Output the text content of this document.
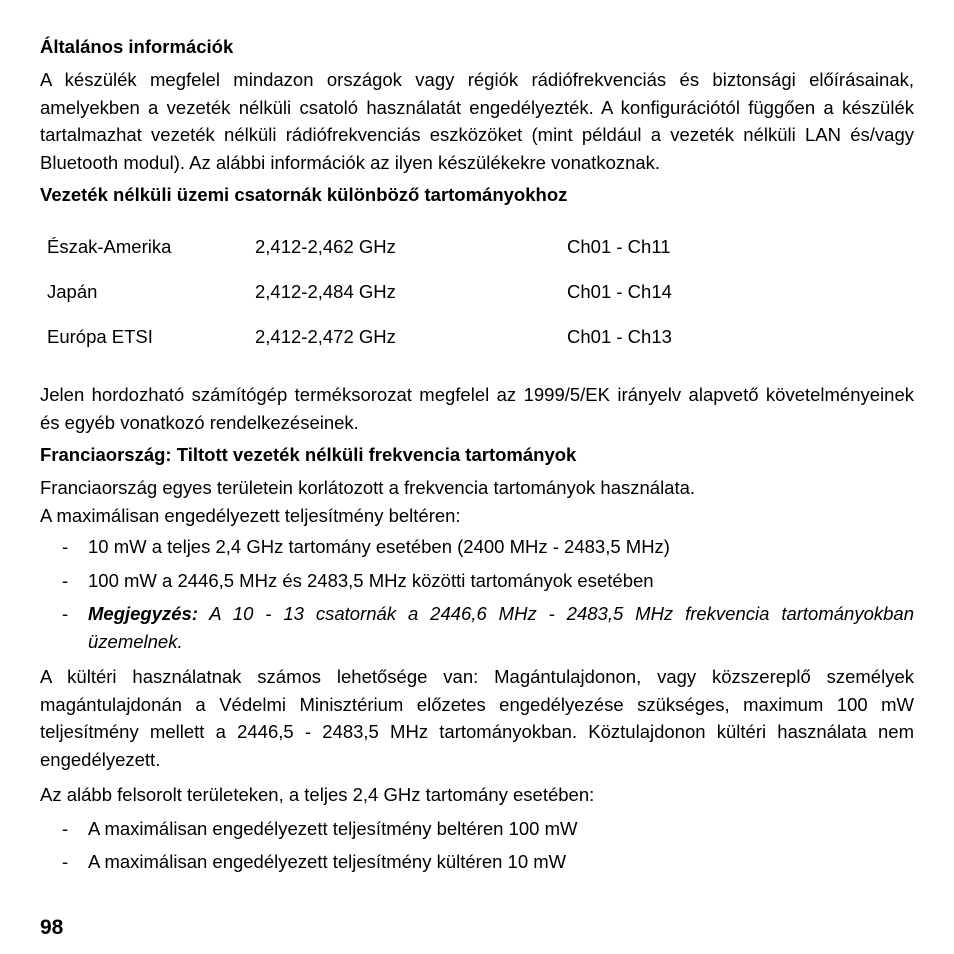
Általános információk
A készülék megfelel mindazon országok vagy régiók rádiófrekvenciás és biztonsági előírásainak, amelyekben a vezeték nélküli csatoló használatát engedélyezték. A konfigurációtól függően a készülék tartalmazhat vezeték nélküli rádiófrekvenciás eszközöket (mint például a vezeték nélküli LAN és/vagy Bluetooth modul). Az alábbi információk az ilyen készülékekre vonatkoznak.
Vezeték nélküli üzemi csatornák különböző tartományokhoz
Észak-Amerika	2,412-2,462 GHz	Ch01 - Ch11
Japán	2,412-2,484 GHz	Ch01 - Ch14
Európa ETSI	2,412-2,472 GHz	Ch01 - Ch13
Jelen hordozható számítógép terméksorozat megfelel az 1999/5/EK irányelv alapvető követelményeinek és egyéb vonatkozó rendelkezéseinek.
Franciaország: Tiltott vezeték nélküli frekvencia tartományok
Franciaország egyes területein korlátozott a frekvencia tartományok használata.
A maximálisan engedélyezett teljesítmény beltéren:
- 10 mW a teljes 2,4 GHz tartomány esetében (2400 MHz - 2483,5 MHz)
- 100 mW a 2446,5 MHz és 2483,5 MHz közötti tartományok esetében
- Megjegyzés: A 10 - 13 csatornák a 2446,6 MHz - 2483,5 MHz frekvencia tartományokban üzemelnek.
A kültéri használatnak számos lehetősége van: Magántulajdonon, vagy közszereplő személyek magántulajdonán a Védelmi Minisztérium előzetes engedélyezése szükséges, maximum 100 mW teljesítmény mellett a 2446,5 - 2483,5 MHz tartományokban. Köztulajdonon kültéri használata nem engedélyezett.
Az alább felsorolt területeken, a teljes 2,4 GHz tartomány esetében:
- A maximálisan engedélyezett teljesítmény beltéren 100 mW
- A maximálisan engedélyezett teljesítmény kültéren 10 mW
98
